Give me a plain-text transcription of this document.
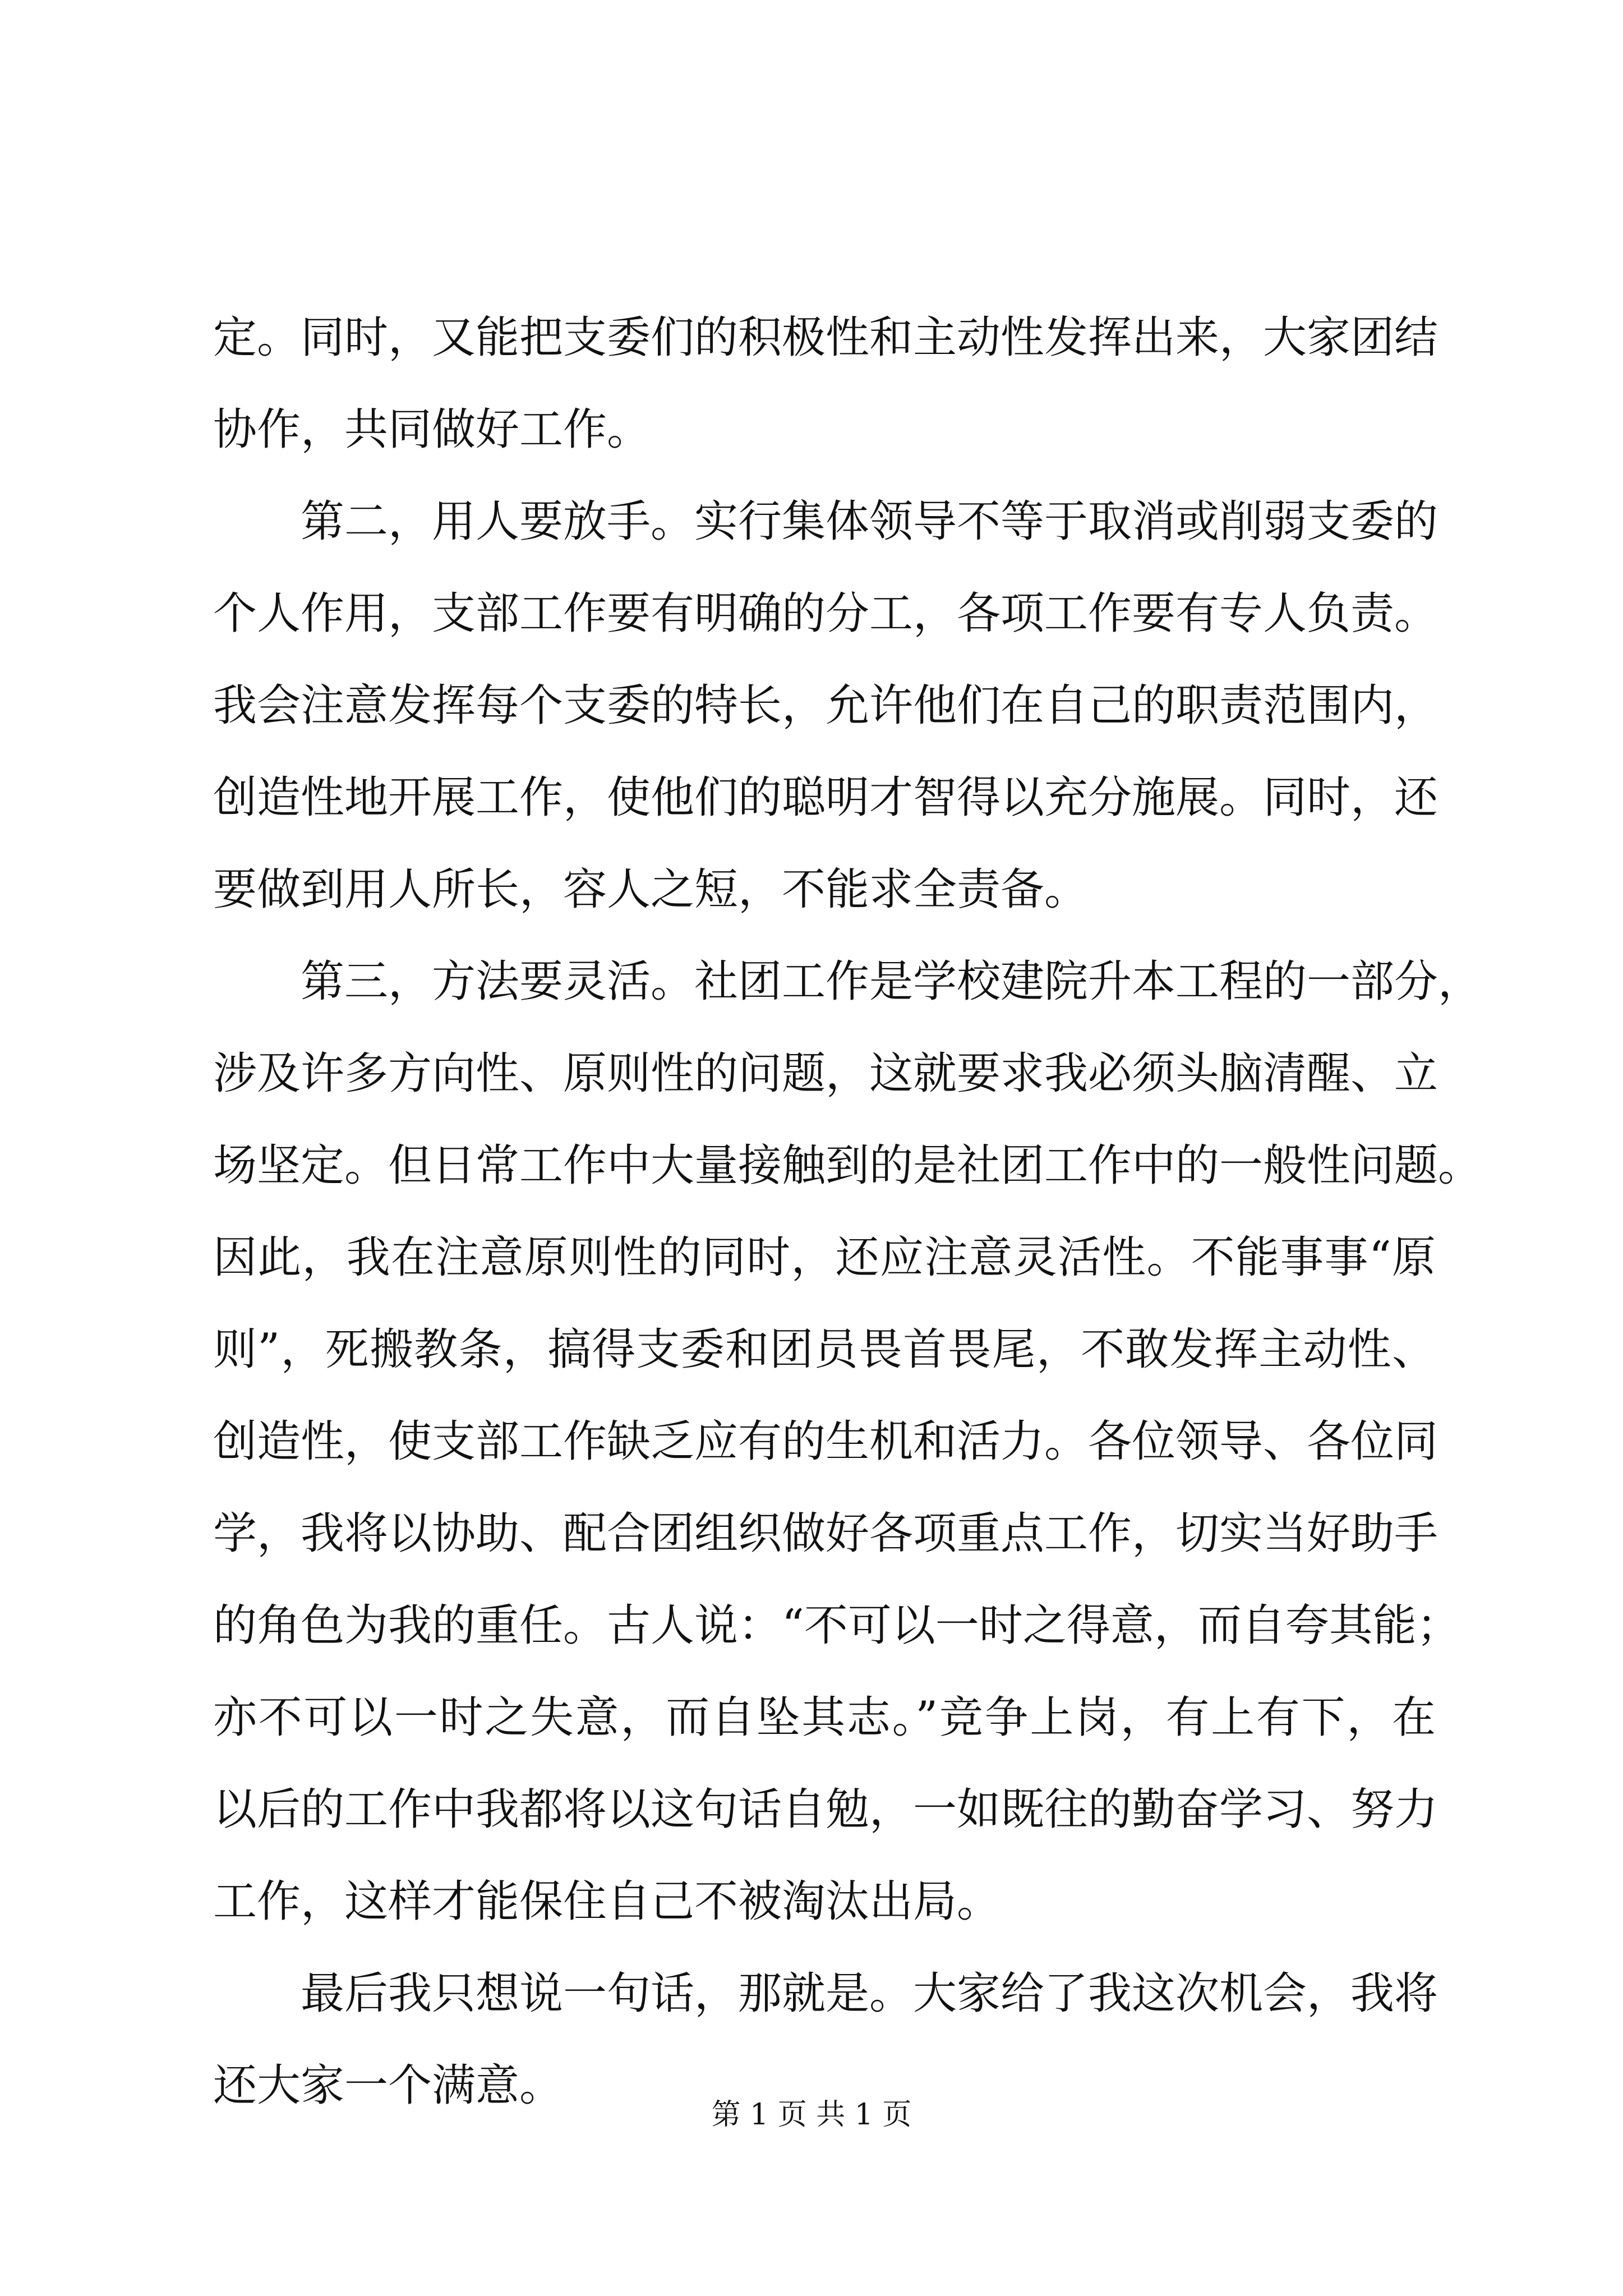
定。同时，又能把支委们的积极性和主动性发挥出来，大家团结
协作，共同做好工作。

第二，用人要放手。实行集体领导不等于取消或削弱支委的
个人作用，支部工作要有明确的分工，各项工作要有专人负责。
我会注意发挥每个支委的特长，允许他们在自己的职责范围内，
创造性地开展工作，使他们的聪明才智得以充分施展。同时，还
要做到用人所长，容人之短，不能求全责备。

第三，方法要灵活。社团工作是学校建院升本工程的一部分，
涉及许多方向性、原则性的问题，这就要求我必须头脑清醒、立
场坚定。但日常工作中大量接触到的是社团工作中的一般性问题。
因此，我在注意原则性的同时，还应注意灵活性。不能事事“原
则”，死搬教条，搞得支委和团员畏首畏尾，不敢发挥主动性、
创造性，使支部工作缺乏应有的生机和活力。各位领导、各位同
学，我将以协助、配合团组织做好各项重点工作，切实当好助手
的角色为我的重任。古人说：“不可以一时之得意，而自夸其能；
亦不可以一时之失意，而自坠其志。”竞争上岗，有上有下，在
以后的工作中我都将以这句话自勉，一如既往的勤奋学习、努力
工作，这样才能保住自己不被淘汰出局。

最后我只想说一句话，那就是。大家给了我这次机会，我将
还大家一个满意。

第 1 页 共 1 页
